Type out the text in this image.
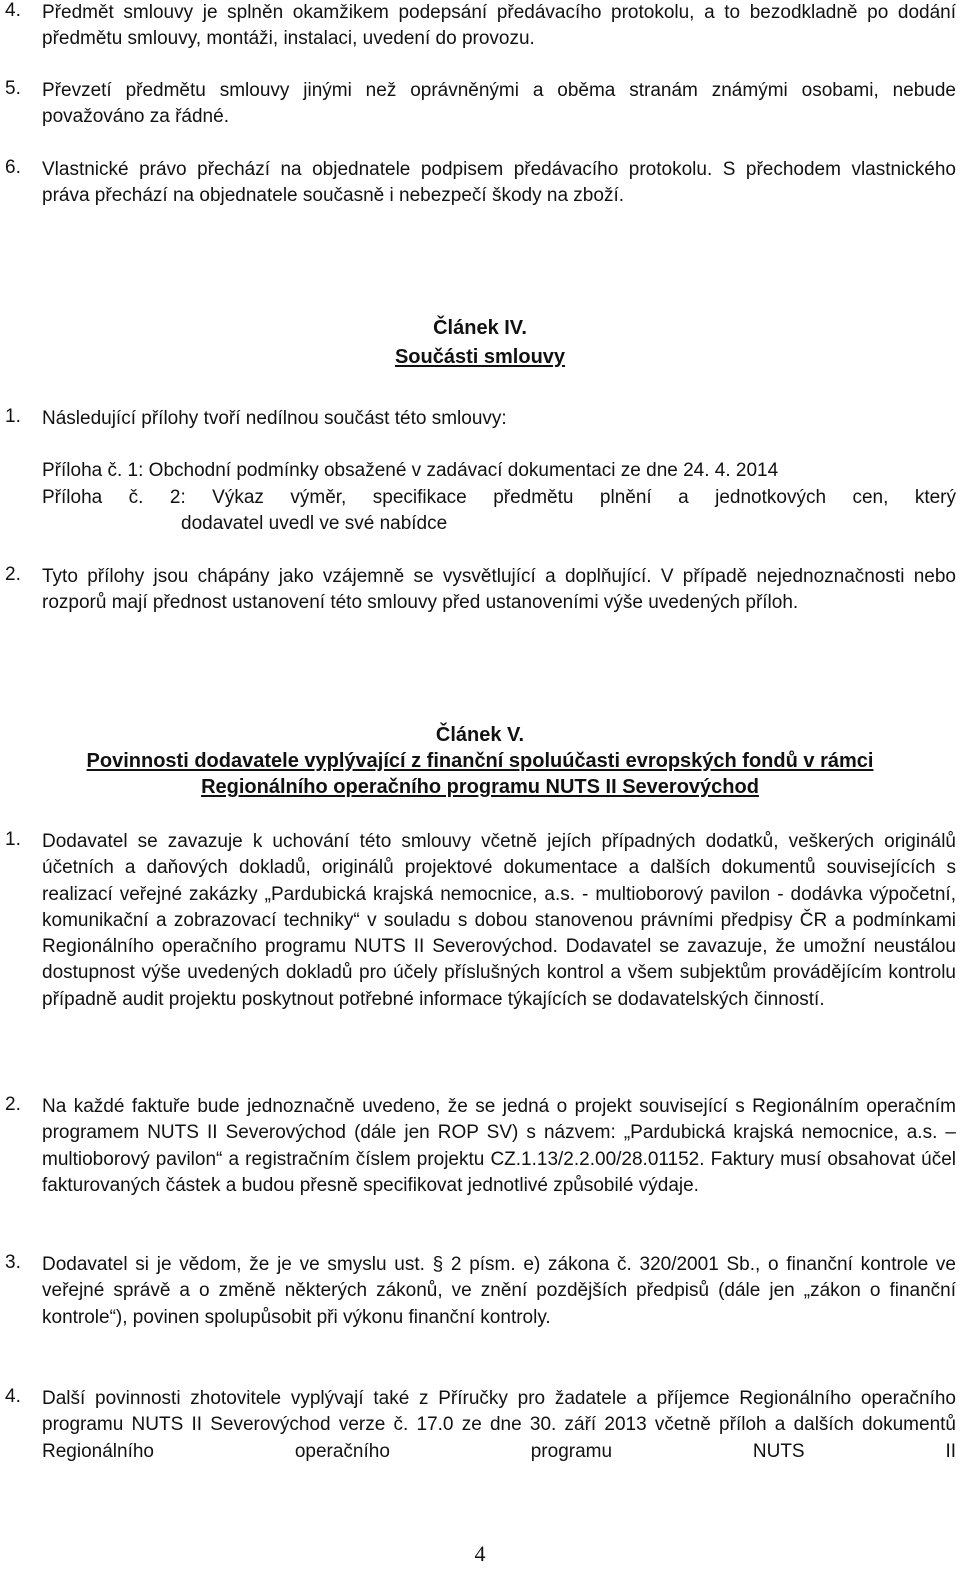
4. Předmět smlouvy je splněn okamžikem podepsání předávacího protokolu, a to bezodkladně po dodání předmětu smlouvy, montáži, instalaci, uvedení do provozu.
5. Převzetí předmětu smlouvy jinými než oprávněnými a oběma stranám známými osobami, nebude považováno za řádné.
6. Vlastnické právo přechází na objednatele podpisem předávacího protokolu. S přechodem vlastnického práva přechází na objednatele současně i nebezpečí škody na zboží.
Článek IV.
Součásti smlouvy
1. Následující přílohy tvoří nedílnou součást této smlouvy:
Příloha č. 1: Obchodní podmínky obsažené v zadávací dokumentaci ze dne 24. 4. 2014
Příloha č. 2: Výkaz výměr, specifikace předmětu plnění a jednotkových cen, který
dodavatel uvedl ve své nabídce
2. Tyto přílohy jsou chápány jako vzájemně se vysvětlující a doplňující. V případě nejednoznačnosti nebo rozporů mají přednost ustanovení této smlouvy před ustanoveními výše uvedených příloh.
Článek V.
Povinnosti dodavatele vyplývající z finanční spoluúčasti evropských fondů v rámci
Regionálního operačního programu NUTS II Severovýchod
1. Dodavatel se zavazuje k uchování této smlouvy včetně jejích případných dodatků, veškerých originálů účetních a daňových dokladů, originálů projektové dokumentace a dalších dokumentů souvisejících s realizací veřejné zakázky „Pardubická krajská nemocnice, a.s. - multioborový pavilon - dodávka výpočetní, komunikační a zobrazovací techniky“ v souladu s dobou stanovenou právními předpisy ČR a podmínkami Regionálního operačního programu NUTS II Severovýchod. Dodavatel se zavazuje, že umožní neustálou dostupnost výše uvedených dokladů pro účely příslušných kontrol a všem subjektům provádějícím kontrolu případně audit projektu poskytnout potřebné informace týkajících se dodavatelských činností.
2. Na každé faktuře bude jednoznačně uvedeno, že se jedná o projekt související s Regionálním operačním programem NUTS II Severovýchod (dále jen ROP SV) s názvem: „Pardubická krajská nemocnice, a.s. – multioborový pavilon“ a registračním číslem projektu CZ.1.13/2.2.00/28.01152. Faktury musí obsahovat účel fakturovaných částek a budou přesně specifikovat jednotlivé způsobilé výdaje.
3. Dodavatel si je vědom, že je ve smyslu ust. § 2 písm. e) zákona č. 320/2001 Sb., o finanční kontrole ve veřejné správě a o změně některých zákonů, ve znění pozdějších předpisů (dále jen „zákon o finanční kontrole“), povinen spolupůsobit při výkonu finanční kontroly.
4. Další povinnosti zhotovitele vyplývají také z Příručky pro žadatele a příjemce Regionálního operačního programu NUTS II Severovýchod verze č. 17.0 ze dne 30. září 2013 včetně příloh a dalších dokumentů Regionálního operačního programu NUTS II
4
